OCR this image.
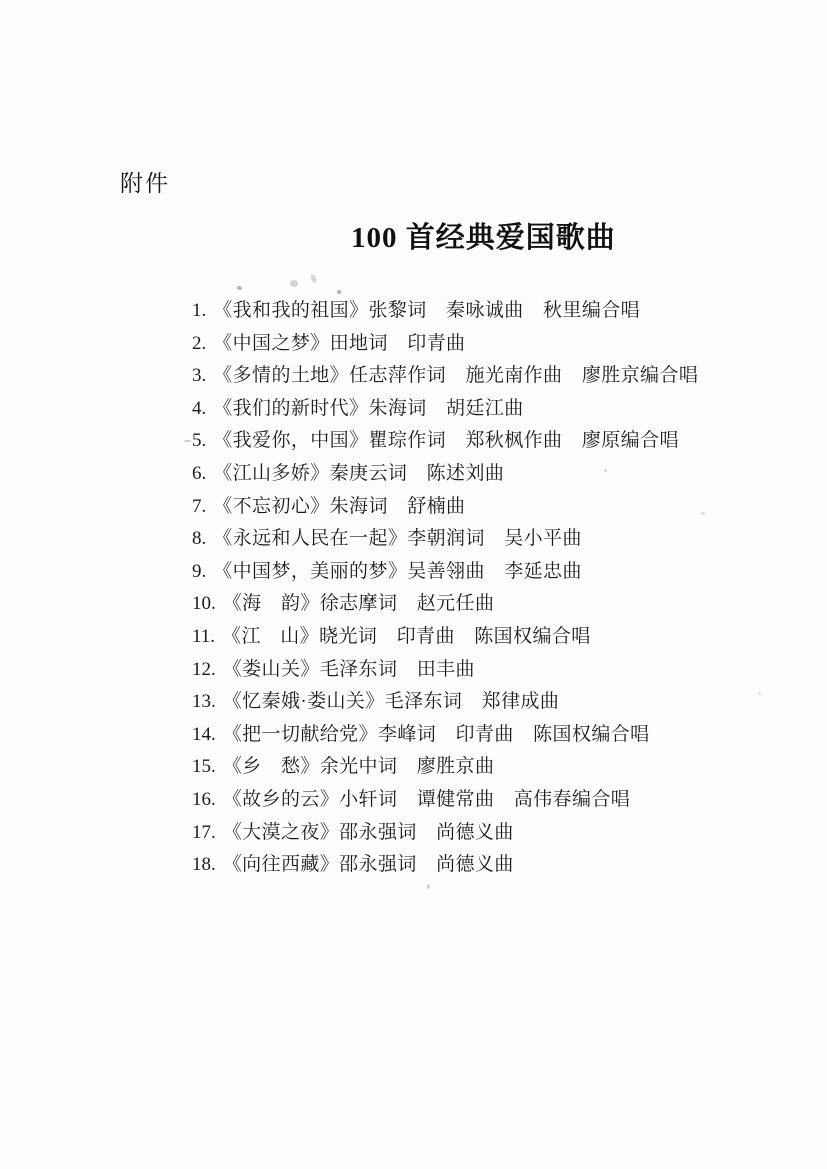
附件
100 首经典爱国歌曲
1. 《我和我的祖国》张黎词　秦咏诚曲　秋里编合唱
2. 《中国之梦》田地词　印青曲
3. 《多情的土地》任志萍作词　施光南作曲　廖胜京编合唱
4. 《我们的新时代》朱海词　胡廷江曲
5. 《我爱你，中国》瞿琮作词　郑秋枫作曲　廖原编合唱
6. 《江山多娇》秦庚云词　陈述刘曲
7. 《不忘初心》朱海词　舒楠曲
8. 《永远和人民在一起》李朝润词　吴小平曲
9. 《中国梦，美丽的梦》吴善翎曲　李延忠曲
10. 《海　韵》徐志摩词　赵元任曲
11. 《江　山》晓光词　印青曲　陈国权编合唱
12. 《娄山关》毛泽东词　田丰曲
13. 《忆秦娥·娄山关》毛泽东词　郑律成曲
14. 《把一切献给党》李峰词　印青曲　陈国权编合唱
15. 《乡　愁》余光中词　廖胜京曲
16. 《故乡的云》小轩词　谭健常曲　高伟春编合唱
17. 《大漠之夜》邵永强词　尚德义曲
18. 《向往西藏》邵永强词　尚德义曲
